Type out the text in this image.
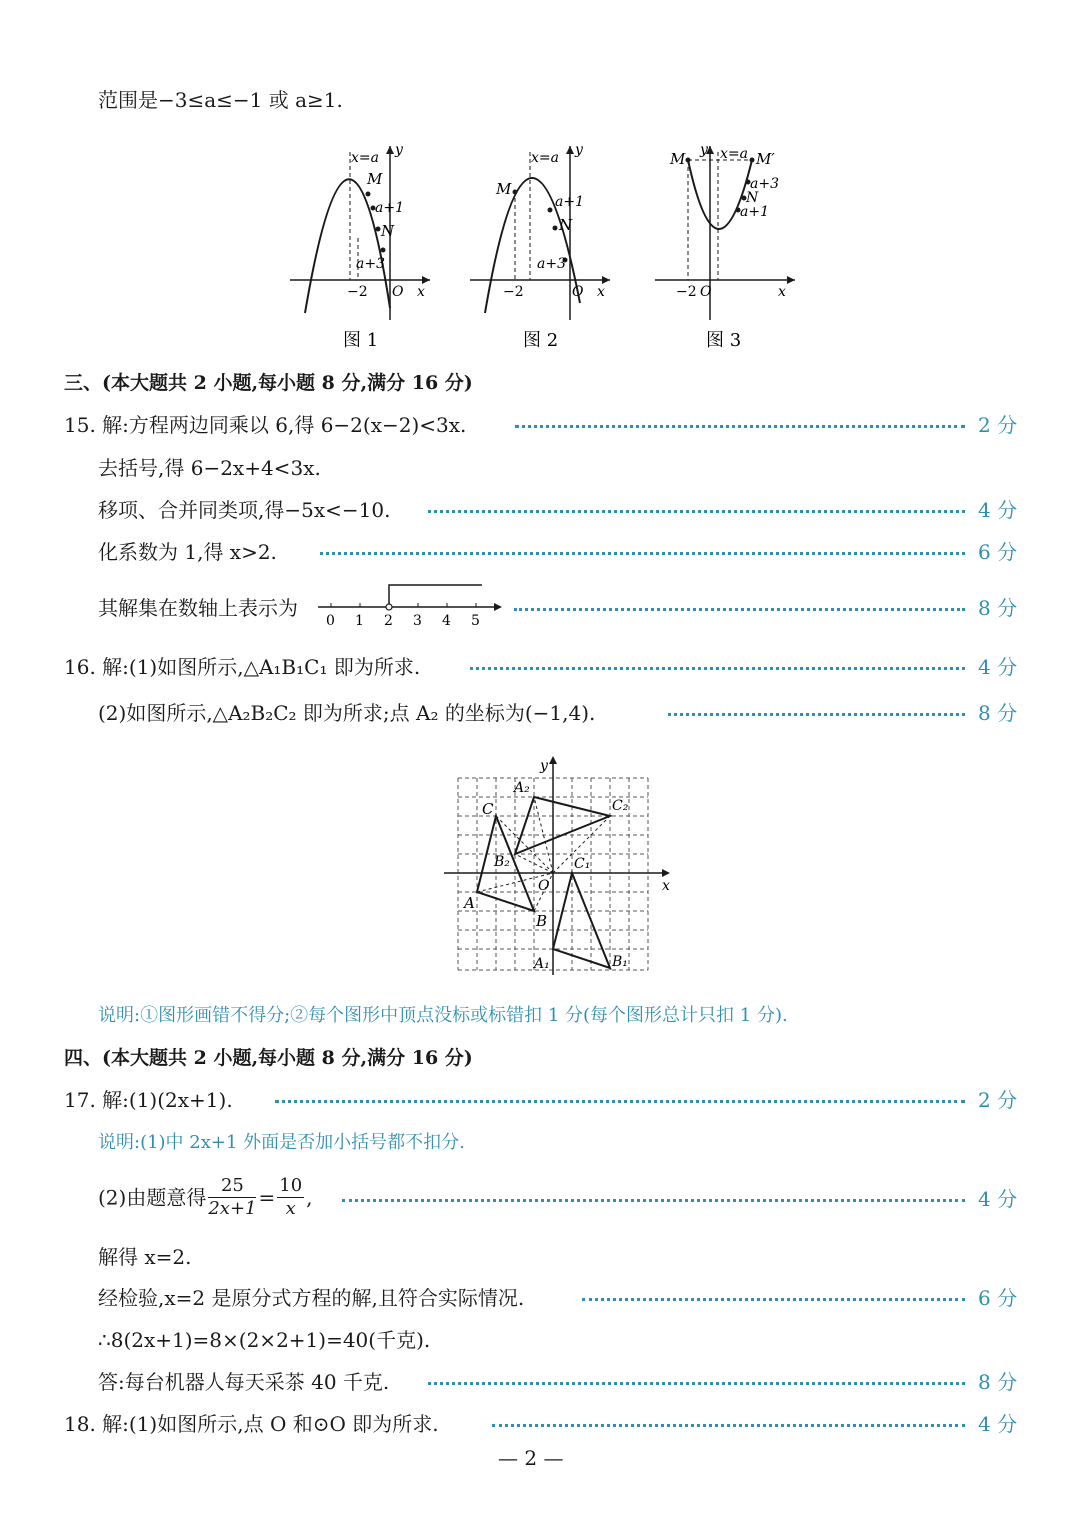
范围是−3≤a≤−1 或 a≥1.
x=a y
x
M
a+1
N
a+3
−2 O
图 1
x=a y
x
M
a+1
N
a+3
−2	O
图 2
x=a
y
x
M	M′
a+3
N
a+1
−2 O
图 3
三、(本大题共 2 小题,每小题 8 分,满分 16 分)
15. 解:方程两边同乘以 6,得 6−2(x−2)<3x.	2 分
去括号,得 6−2x+4<3x.
移项、合并同类项,得−5x<−10.	4 分
化系数为 1,得 x>2.	6 分
其解集在数轴上表示为
0 1 2 3 4 5
8 分
16. 解:(1)如图所示,△A₁B₁C₁ 即为所求.	4 分
(2)如图所示,△A₂B₂C₂ 即为所求;点 A₂ 的坐标为(−1,4).	8 分
y
x
O
A
B
C
A₁	B₁
C₁
A₂
B₂
C₂
说明:①图形画错不得分;②每个图形中顶点没标或标错扣 1 分(每个图形总计只扣 1 分).
四、(本大题共 2 小题,每小题 8 分,满分 16 分)
17. 解:(1)(2x+1).	2 分
说明:(1)中 2x+1 外面是否加小括号都不扣分.
(2)由题意得 $\frac{25}{2x+1} = \frac{10}{x}$ ,	4 分
解得 x=2.
经检验,x=2 是原分式方程的解,且符合实际情况.	6 分
∴8(2x+1)=8×(2×2+1)=40(千克).
答:每台机器人每天采茶 40 千克.	8 分
18. 解:(1)如图所示,点 O 和⊙O 即为所求.	4 分
— 2 —
